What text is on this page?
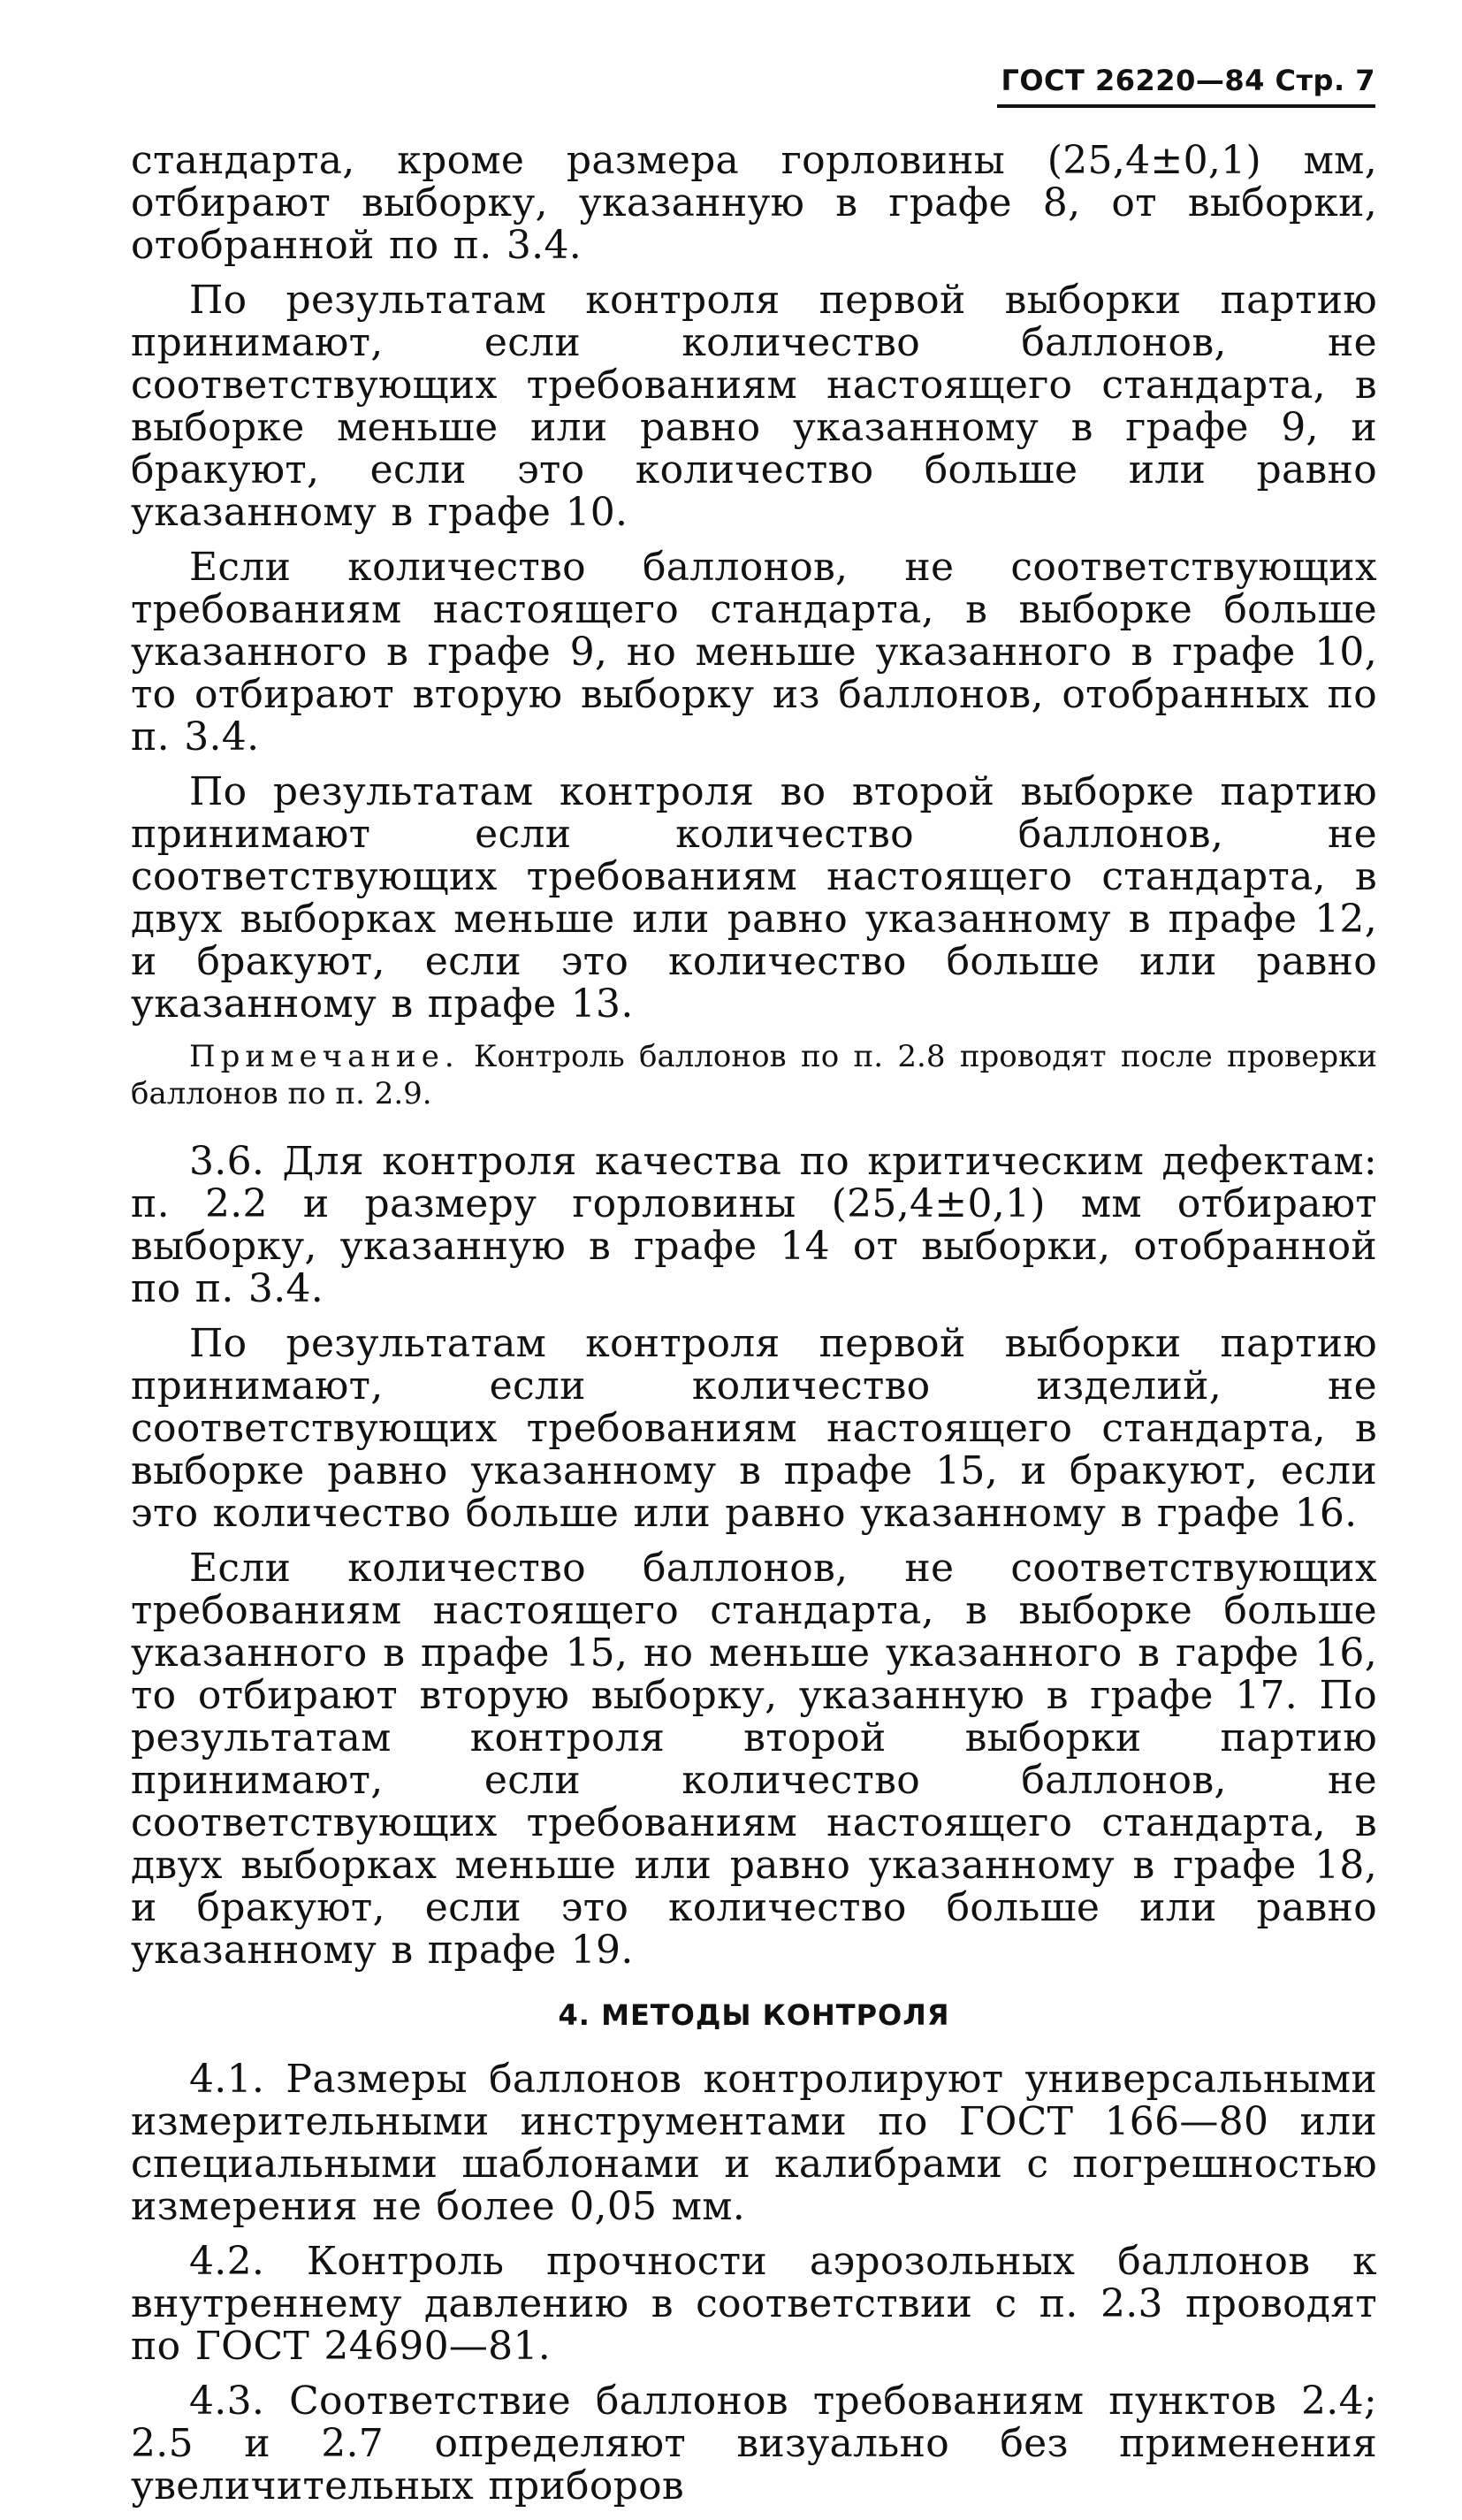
ГОСТ 26220—84 Стр. 7

стандарта, кроме размера горловины (25,4±0,1) мм, отбирают выборку, указанную в графе 8, от выборки, отобранной по п. 3.4.

По результатам контроля первой выборки партию принимают, если количество баллонов, не соответствующих требованиям настоящего стандарта, в выборке меньше или равно указанному в графе 9, и бракуют, если это количество больше или равно указанному в графе 10.

Если количество баллонов, не соответствующих требованиям настоящего стандарта, в выборке больше указанного в графе 9, но меньше указанного в графе 10, то отбирают вторую выборку из баллонов, отобранных по п. 3.4.

По результатам контроля во второй выборке партию принимают если количество баллонов, не соответствующих требованиям настоящего стандарта, в двух выборках меньше или равно указанному в прафе 12, и бракуют, если это количество больше или равно указанному в прафе 13.

Примечание. Контроль баллонов по п. 2.8 проводят после проверки баллонов по п. 2.9.

3.6. Для контроля качества по критическим дефектам: п. 2.2 и размеру горловины (25,4±0,1) мм отбирают выборку, указанную в графе 14 от выборки, отобранной по п. 3.4.

По результатам контроля первой выборки партию принимают, если количество изделий, не соответствующих требованиям настоящего стандарта, в выборке равно указанному в прафе 15, и бракуют, если это количество больше или равно указанному в графе 16.

Если количество баллонов, не соответствующих требованиям настоящего стандарта, в выборке больше указанного в прафе 15, но меньше указанного в гарфе 16, то отбирают вторую выборку, указанную в графе 17. По результатам контроля второй выборки партию принимают, если количество баллонов, не соответствующих требованиям настоящего стандарта, в двух выборках меньше или равно указанному в графе 18, и бракуют, если это количество больше или равно указанному в прафе 19.

4. МЕТОДЫ КОНТРОЛЯ

4.1. Размеры баллонов контролируют универсальными измерительными инструментами по ГОСТ 166—80 или специальными шаблонами и калибрами с погрешностью измерения не более 0,05 мм.

4.2. Контроль прочности аэрозольных баллонов к внутреннему давлению в соответствии с п. 2.3 проводят по ГОСТ 24690—81.

4.3. Соответствие баллонов требованиям пунктов 2.4; 2.5 и 2.7 определяют визуально без применения увеличительных приборов
